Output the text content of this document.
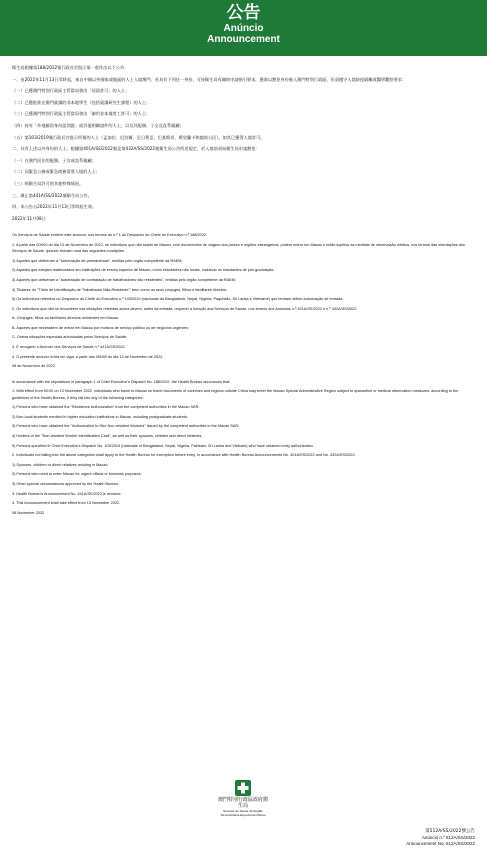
公告
Anúncio
Announcement

衛生局根據第188/2022號行政長官批示第一款作出以下公告：

一、由2022年11月13日零時起，來自中國以外國家或地區的人士入境澳門，若具有下列任一身份，可按衛生局有關的申請指引要求，獲准以豁免身份進入澳門特別行政區，但須遵守入境防疫隔離或醫學觀察要求：

（一）已獲澳門特別行政區主管當局發出「居留許可」的人士；

（二）已獲批准在澳門就讀的非本地學生（包括就讀研究生課程）的人士；

（三）已獲澳門特別行政區主管當局發出「僱用非本地勞工許可」的人士；

（四）持有「外地僱員身份認別證」或其他相關證件的人士，以及其配偶、子女及直系親屬；

（五）第103/2019號行政長官批示所指的人士（孟加拉、尼泊爾、尼日利亞、巴基斯坦、斯里蘭卡和越南公民），如其已獲得入境許可。

二、具有上述以外身份的人士，根據第401A/SS/2022號及第432A/SS/2022號衛生局公告所述規定，於入境前須向衛生局申請豁免：

（一）在澳門居住的配偶、子女或直系親屬；

（二）因緊急公務或緊急商務需要入境的人士；

（三）經衛生局許可的其他特殊情況。

三、廢止第441A/SS/2022號衛生局公告。

四、本公告自2022年11月13日零時起生效。

2022年11月08日

Os Serviços de Saúde emitem este anúncio, nos termos do n.º 1 do Despacho do Chefe do Executivo n.º 188/2022.

1. A partir das 00H00 do dia 13 de Novembro de 2022, os indivíduos que não sejam de Macau, com documentos de viagem dos países e regiões estrangeiros, podem entrar em Macau e estão sujeitos às medidas de observação médica, nos termos das orientações dos Serviços de Saúde, quando reúnam uma das seguintes condições:

1) Aqueles que obtiveram a "autorização de permanência", emitida pelo órgão competente da RAEM;

2) Aqueles que estejam matriculados em instituições de ensino superior de Macau, como estudantes não locais, incluindo os estudantes de pós-graduação;

3) Aqueles que obtiveram a "autorização de contratação de trabalhadores não residentes", emitida pelo órgão competente da RAEM;

4) Titulares do "Título de Identificação de Trabalhador Não-Residente", bem como os seus cônjuges, filhos e familiares directos;

5) Os indivíduos referidos no Despacho do Chefe do Executivo n.º 103/2019 (nacionais do Bangladesh, Nepal, Nigéria, Paquistão, Sri Lanka e Vietname) que tenham obtido autorização de entrada.

2. Os indivíduos que não se encontrem nas situações referidas acima devem, antes da entrada, requerer a isenção aos Serviços de Saúde, nos termos dos Anúncios n.º 401A/SS/2022 e n.º 432A/SS/2022:

A. Cônjuges, filhos ou familiares directos residentes em Macau;

B. Aqueles que necessitem de entrar em Macau por motivos de serviço público ou de negócios urgentes;

C. Outras situações especiais autorizadas pelos Serviços de Saúde.

3. É revogado o Anúncio dos Serviços de Saúde n.º 441A/SS/2022.

4. O presente anúncio entra em vigor a partir das 00H00 do dia 13 de Novembro de 2022.

08 de Novembro de 2022

In accordance with the stipulations in paragraph 1 of Chief Executive's Dispatch No. 188/2022, the Health Bureau announces that:

1. With effect from 00:00 on 13 November 2022, individuals who travel to Macao on travel documents of countries and regions outside China may enter the Macao Special Administrative Region subject to quarantine or medical observation measures, according to the guidelines of the Health Bureau, if they fall into any of the following categories:

1) Persons who have obtained the "Residence Authorization" from the competent authorities in the Macao SAR;

2) Non-local students enrolled in higher education institutions in Macao, including postgraduate students;

3) Persons who have obtained the "Authorization to Hire Non-resident Workers" issued by the competent authorities in the Macao SAR;

4) Holders of the "Non-resident Worker Identification Card", as well as their spouses, children and direct relatives;

5) Persons specified in Chief Executive's Dispatch No. 103/2019 (nationals of Bangladesh, Nepal, Nigeria, Pakistan, Sri Lanka and Vietnam) who have obtained entry authorization.

2. Individuals not falling into the above categories shall apply to the Health Bureau for exemption before entry, in accordance with Health Bureau Announcements No. 401A/SS/2022 and No. 432A/SS/2022:

1) Spouses, children or direct relatives residing in Macao;

2) Persons who need to enter Macao for urgent official or business purposes;

3) Other special circumstances approved by the Health Bureau.

3. Health Bureau's Announcement No. 441A/SS/2022 is revoked.

4. This Announcement shall take effect from 13 November 2022.

08 November 2022

澳門特別行政區政府衛生局
Serviços de Saúde da Região Administrativa Especial de Macau
第512A/SS/2022號公告
Anúncio n.º 512A/SS/2022
Announcement No. 512A/SS/2022
